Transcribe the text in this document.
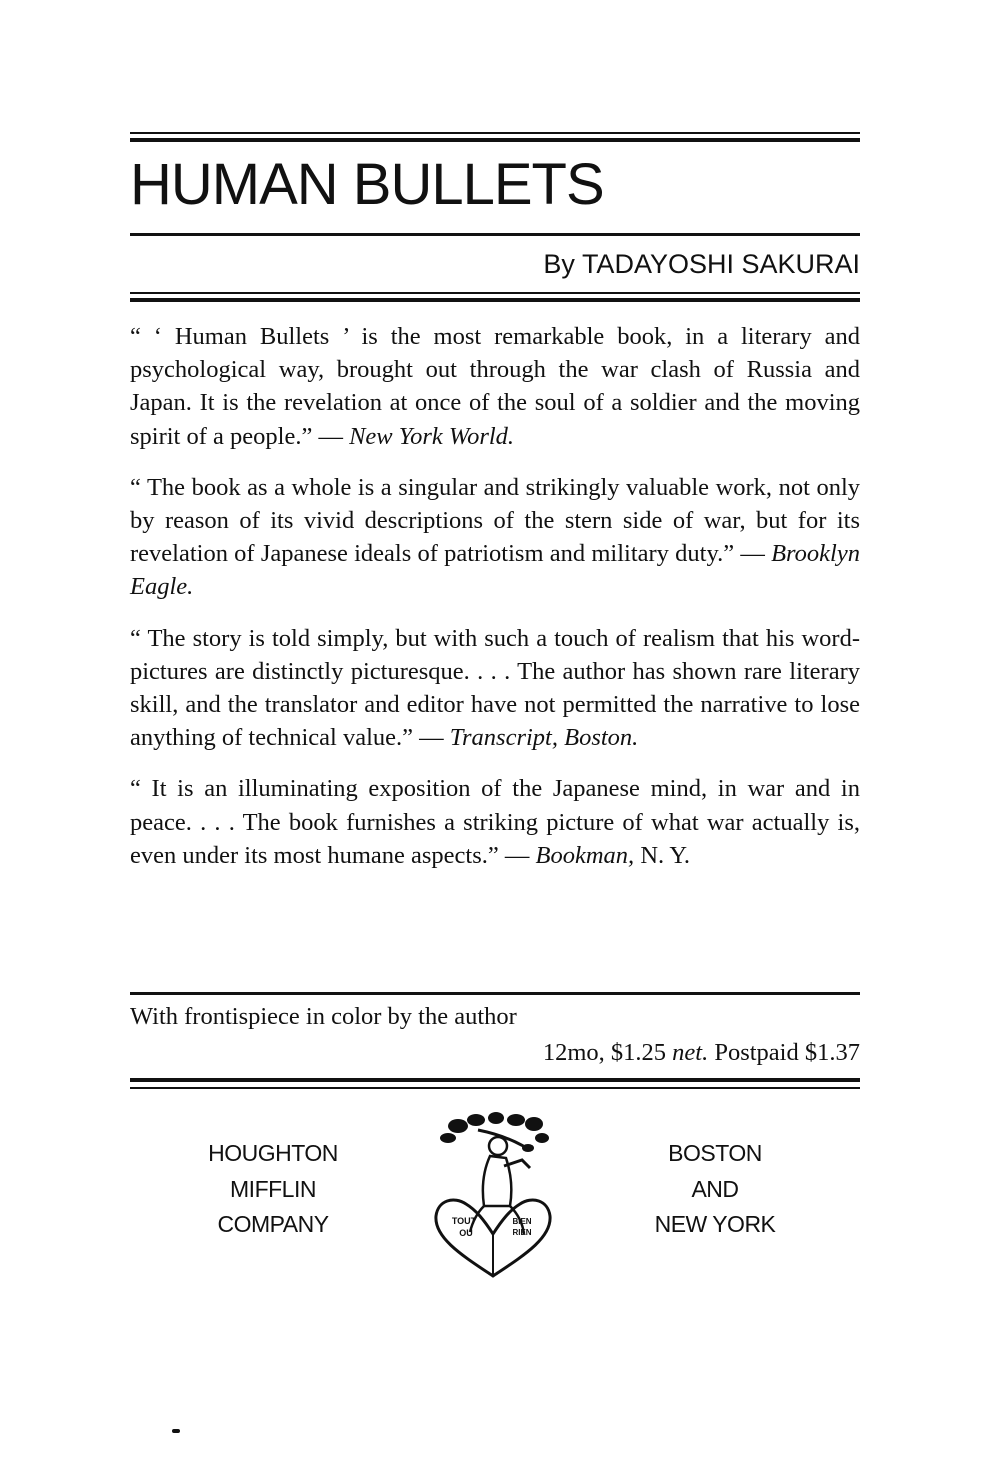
HUMAN BULLETS
By TADAYOSHI SAKURAI

“ ‘ Human Bullets ’ is the most remarkable book, in a literary and psychological way, brought out through the war clash of Russia and Japan. It is the revelation at once of the soul of a soldier and the moving spirit of a people.” — New York World.

“ The book as a whole is a singular and strikingly valuable work, not only by reason of its vivid descriptions of the stern side of war, but for its revelation of Japanese ideals of patriotism and military duty.” — Brooklyn Eagle.

“ The story is told simply, but with such a touch of realism that his word-pictures are distinctly picturesque. . . . The author has shown rare literary skill, and the translator and editor have not permitted the narrative to lose anything of technical value.” — Transcript, Boston.

“ It is an illuminating exposition of the Japanese mind, in war and in peace. . . . The book furnishes a striking picture of what war actually is, even under its most humane aspects.” — Bookman, N. Y.

With frontispiece in color by the author
12mo, $1.25 net. Postpaid $1.37
HOUGHTON
MIFFLIN
COMPANY	TOUT
OU
BIEN
RIEN
BOSTON
AND
NEW YORK
